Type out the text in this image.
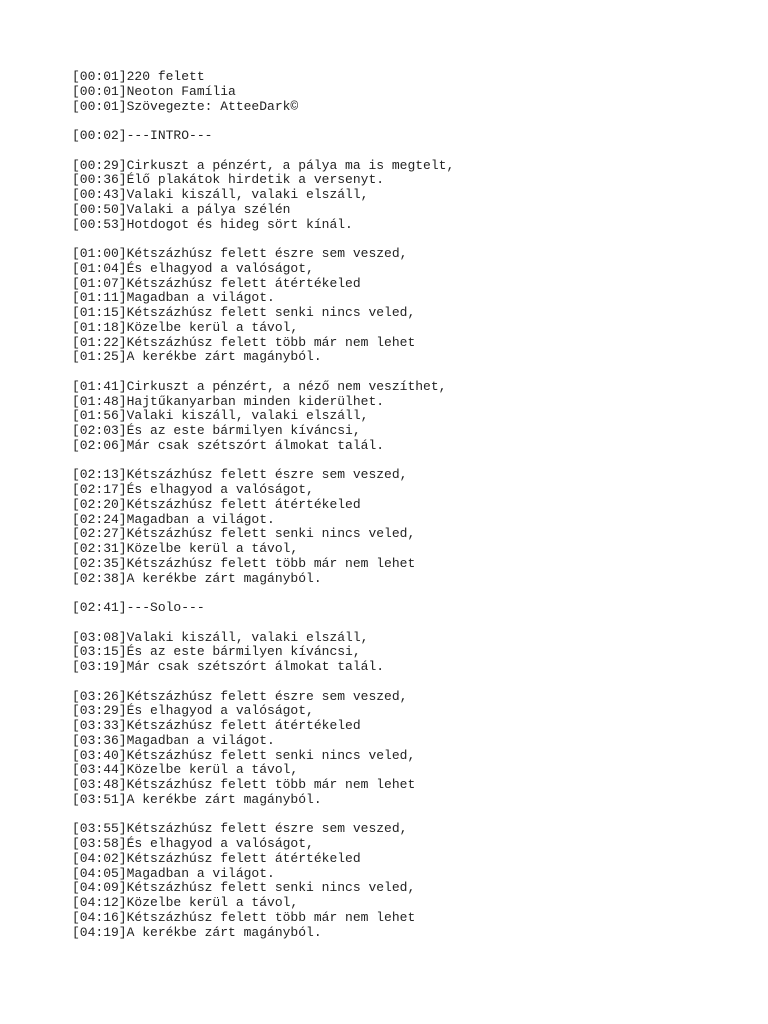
[00:01]220 felett
[00:01]Neoton Família
[00:01]Szövegezte: AtteeDark©
[00:02]---INTRO---
[00:29]Cirkuszt a pénzért, a pálya ma is megtelt,
[00:36]Élő plakátok hirdetik a versenyt.
[00:43]Valaki kiszáll, valaki elszáll,
[00:50]Valaki a pálya szélén
[00:53]Hotdogot és hideg sört kínál.
[01:00]Kétszázhúsz felett észre sem veszed,
[01:04]És elhagyod a valóságot,
[01:07]Kétszázhúsz felett átértékeled
[01:11]Magadban a világot.
[01:15]Kétszázhúsz felett senki nincs veled,
[01:18]Közelbe kerül a távol,
[01:22]Kétszázhúsz felett több már nem lehet
[01:25]A kerékbe zárt magányból.
[01:41]Cirkuszt a pénzért, a néző nem veszíthet,
[01:48]Hajtűkanyarban minden kiderülhet.
[01:56]Valaki kiszáll, valaki elszáll,
[02:03]És az este bármilyen kíváncsi,
[02:06]Már csak szétszórt álmokat talál.
[02:13]Kétszázhúsz felett észre sem veszed,
[02:17]És elhagyod a valóságot,
[02:20]Kétszázhúsz felett átértékeled
[02:24]Magadban a világot.
[02:27]Kétszázhúsz felett senki nincs veled,
[02:31]Közelbe kerül a távol,
[02:35]Kétszázhúsz felett több már nem lehet
[02:38]A kerékbe zárt magányból.
[02:41]---Solo---
[03:08]Valaki kiszáll, valaki elszáll,
[03:15]És az este bármilyen kíváncsi,
[03:19]Már csak szétszórt álmokat talál.
[03:26]Kétszázhúsz felett észre sem veszed,
[03:29]És elhagyod a valóságot,
[03:33]Kétszázhúsz felett átértékeled
[03:36]Magadban a világot.
[03:40]Kétszázhúsz felett senki nincs veled,
[03:44]Közelbe kerül a távol,
[03:48]Kétszázhúsz felett több már nem lehet
[03:51]A kerékbe zárt magányból.
[03:55]Kétszázhúsz felett észre sem veszed,
[03:58]És elhagyod a valóságot,
[04:02]Kétszázhúsz felett átértékeled
[04:05]Magadban a világot.
[04:09]Kétszázhúsz felett senki nincs veled,
[04:12]Közelbe kerül a távol,
[04:16]Kétszázhúsz felett több már nem lehet
[04:19]A kerékbe zárt magányból.
